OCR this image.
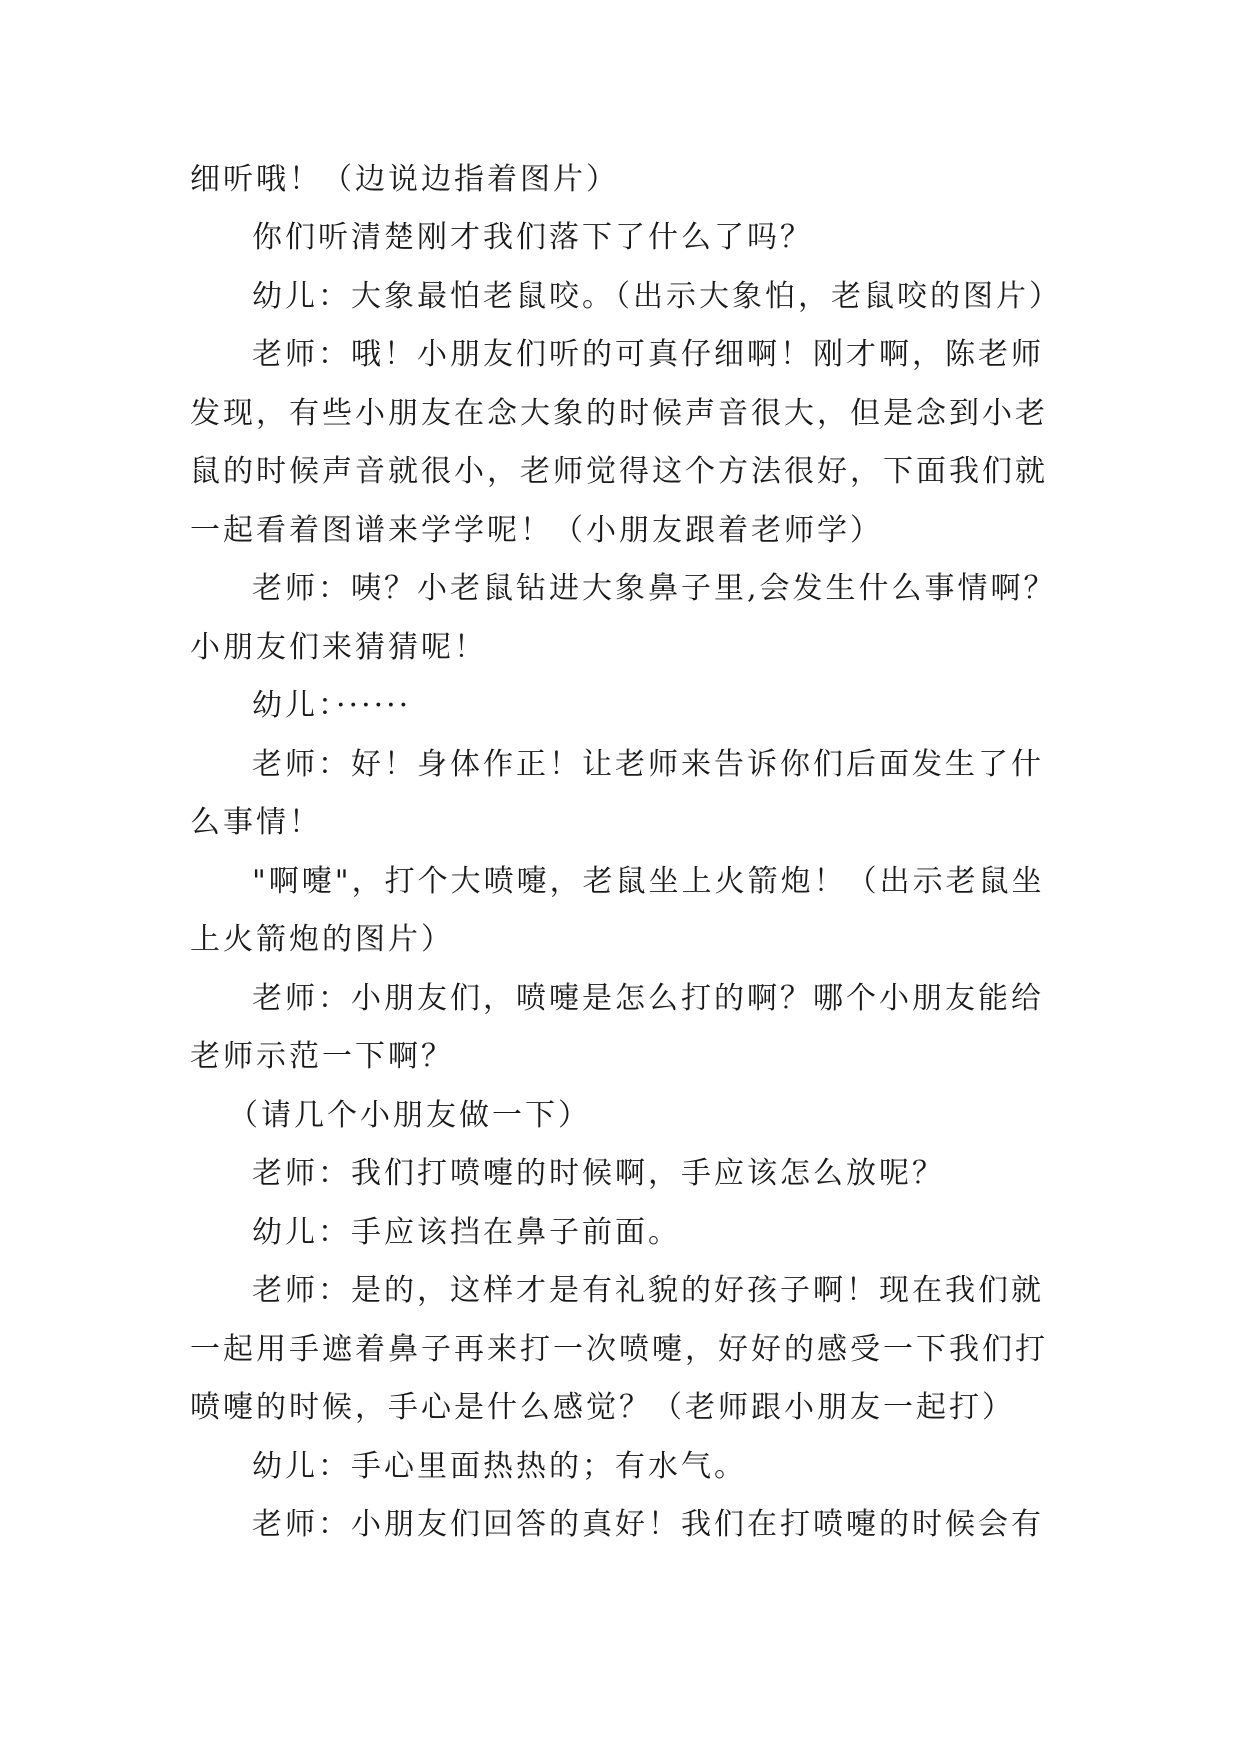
细听哦！（边说边指着图片）
你们听清楚刚才我们落下了什么了吗？
幼儿：大象最怕老鼠咬。（出示大象怕，老鼠咬的图片）
老师：哦！小朋友们听的可真仔细啊！刚才啊，陈老师
发现，有些小朋友在念大象的时候声音很大，但是念到小老
鼠的时候声音就很小，老师觉得这个方法很好，下面我们就
一起看着图谱来学学呢！（小朋友跟着老师学）
老师：咦？小老鼠钻进大象鼻子里,会发生什么事情啊？
小朋友们来猜猜呢！
幼儿：······
老师：好！身体作正！让老师来告诉你们后面发生了什
么事情！
"啊嚏"，打个大喷嚏，老鼠坐上火箭炮！（出示老鼠坐
上火箭炮的图片）
老师：小朋友们，喷嚏是怎么打的啊？哪个小朋友能给
老师示范一下啊？
（请几个小朋友做一下）
老师：我们打喷嚏的时候啊，手应该怎么放呢？
幼儿：手应该挡在鼻子前面。
老师：是的，这样才是有礼貌的好孩子啊！现在我们就
一起用手遮着鼻子再来打一次喷嚏，好好的感受一下我们打
喷嚏的时候，手心是什么感觉？（老师跟小朋友一起打）
幼儿：手心里面热热的；有水气。
老师：小朋友们回答的真好！我们在打喷嚏的时候会有
